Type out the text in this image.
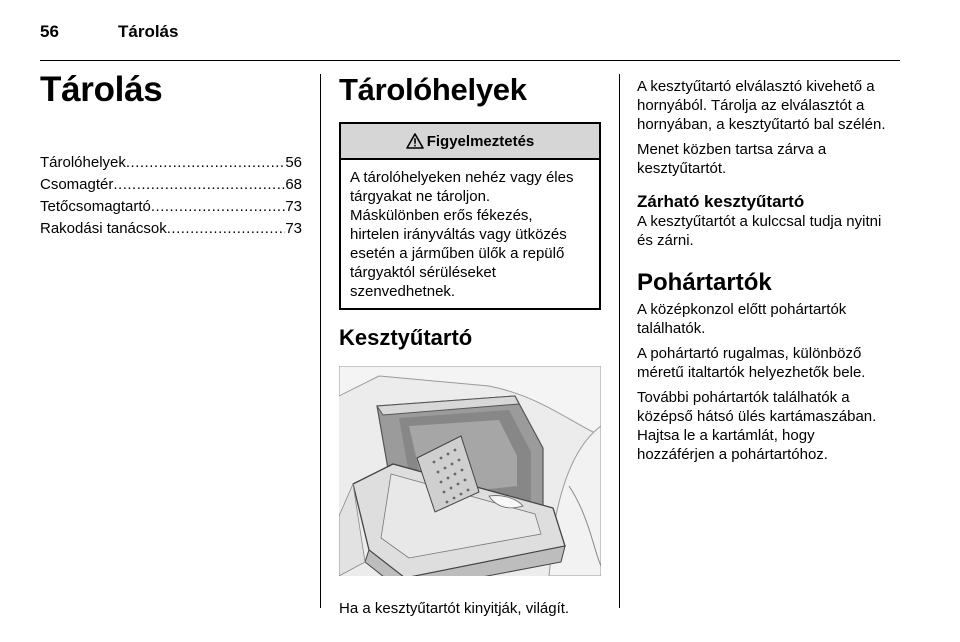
56	Tárolás
Tárolás
Tárolóhelyek .....	56
Csomagtér .....	68
Tetőcsomagtartó .....	73
Rakodási tanácsok .....	73
Tárolóhelyek
Figyelmeztetés
A tárolóhelyeken nehéz vagy éles
tárgyakat ne tároljon.
Máskülönben erős fékezés,
hirtelen irányváltás vagy ütközés
esetén a járműben ülők a repülő
tárgyaktól sérüléseket
szenvedhetnek.
Kesztyűtartó

Ha a kesztyűtartót kinyitják, világít.

A kesztyűtartó elválasztó kivehető a
hornyából. Tárolja az elválasztót a
hornyában, a kesztyűtartó bal szélén.

Menet közben tartsa zárva a
kesztyűtartót.

Zárható kesztyűtartó

A kesztyűtartót a kulccsal tudja nyitni
és zárni.

Pohártartók

A középkonzol előtt pohártartók
találhatók.

A pohártartó rugalmas, különböző
méretű italtartók helyezhetők bele.

További pohártartók találhatók a
középső hátsó ülés kartámaszában.
Hajtsa le a kartámlát, hogy
hozzáférjen a pohártartóhoz.
